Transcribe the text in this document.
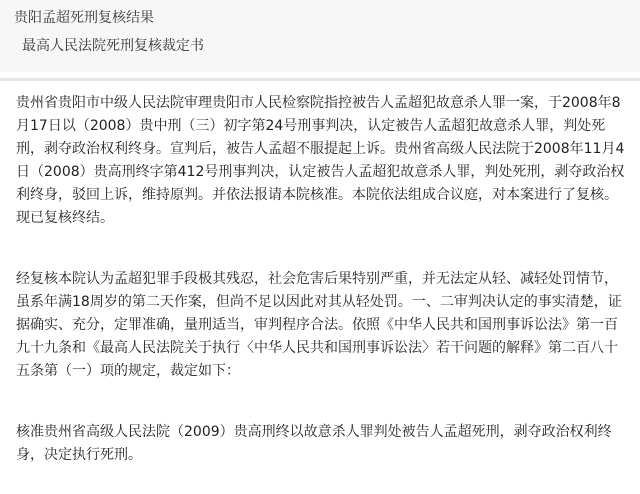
贵阳孟超死刑复核结果
最高人民法院死刑复核裁定书
贵州省贵阳市中级人民法院审理贵阳市人民检察院指控被告人孟超犯故意杀人罪一案，于2008年8月17日以（2008）贵中刑（三）初字第24号刑事判决，认定被告人孟超犯故意杀人罪，判处死刑，剥夺政治权利终身。宣判后，被告人孟超不服提起上诉。贵州省高级人民法院于2008年11月4日（2008）贵高刑终字第412号刑事判决，认定被告人孟超犯故意杀人罪，判处死刑，剥夺政治权利终身，驳回上诉，维持原判。并依法报请本院核准。本院依法组成合议庭，对本案进行了复核。现已复核终结。
经复核本院认为孟超犯罪手段极其残忍，社会危害后果特别严重，并无法定从轻、减轻处罚情节，虽系年满18周岁的第二天作案，但尚不足以因此对其从轻处罚。一、二审判决认定的事实清楚，证据确实、充分，定罪准确，量刑适当，审判程序合法。依照《中华人民共和国刑事诉讼法》第一百九十九条和《最高人民法院关于执行〈中华人民共和国刑事诉讼法〉若干问题的解释》第二百八十五条第（一）项的规定，裁定如下：
核准贵州省高级人民法院（2009）贵高刑终以故意杀人罪判处被告人孟超死刑，剥夺政治权利终身，决定执行死刑。
